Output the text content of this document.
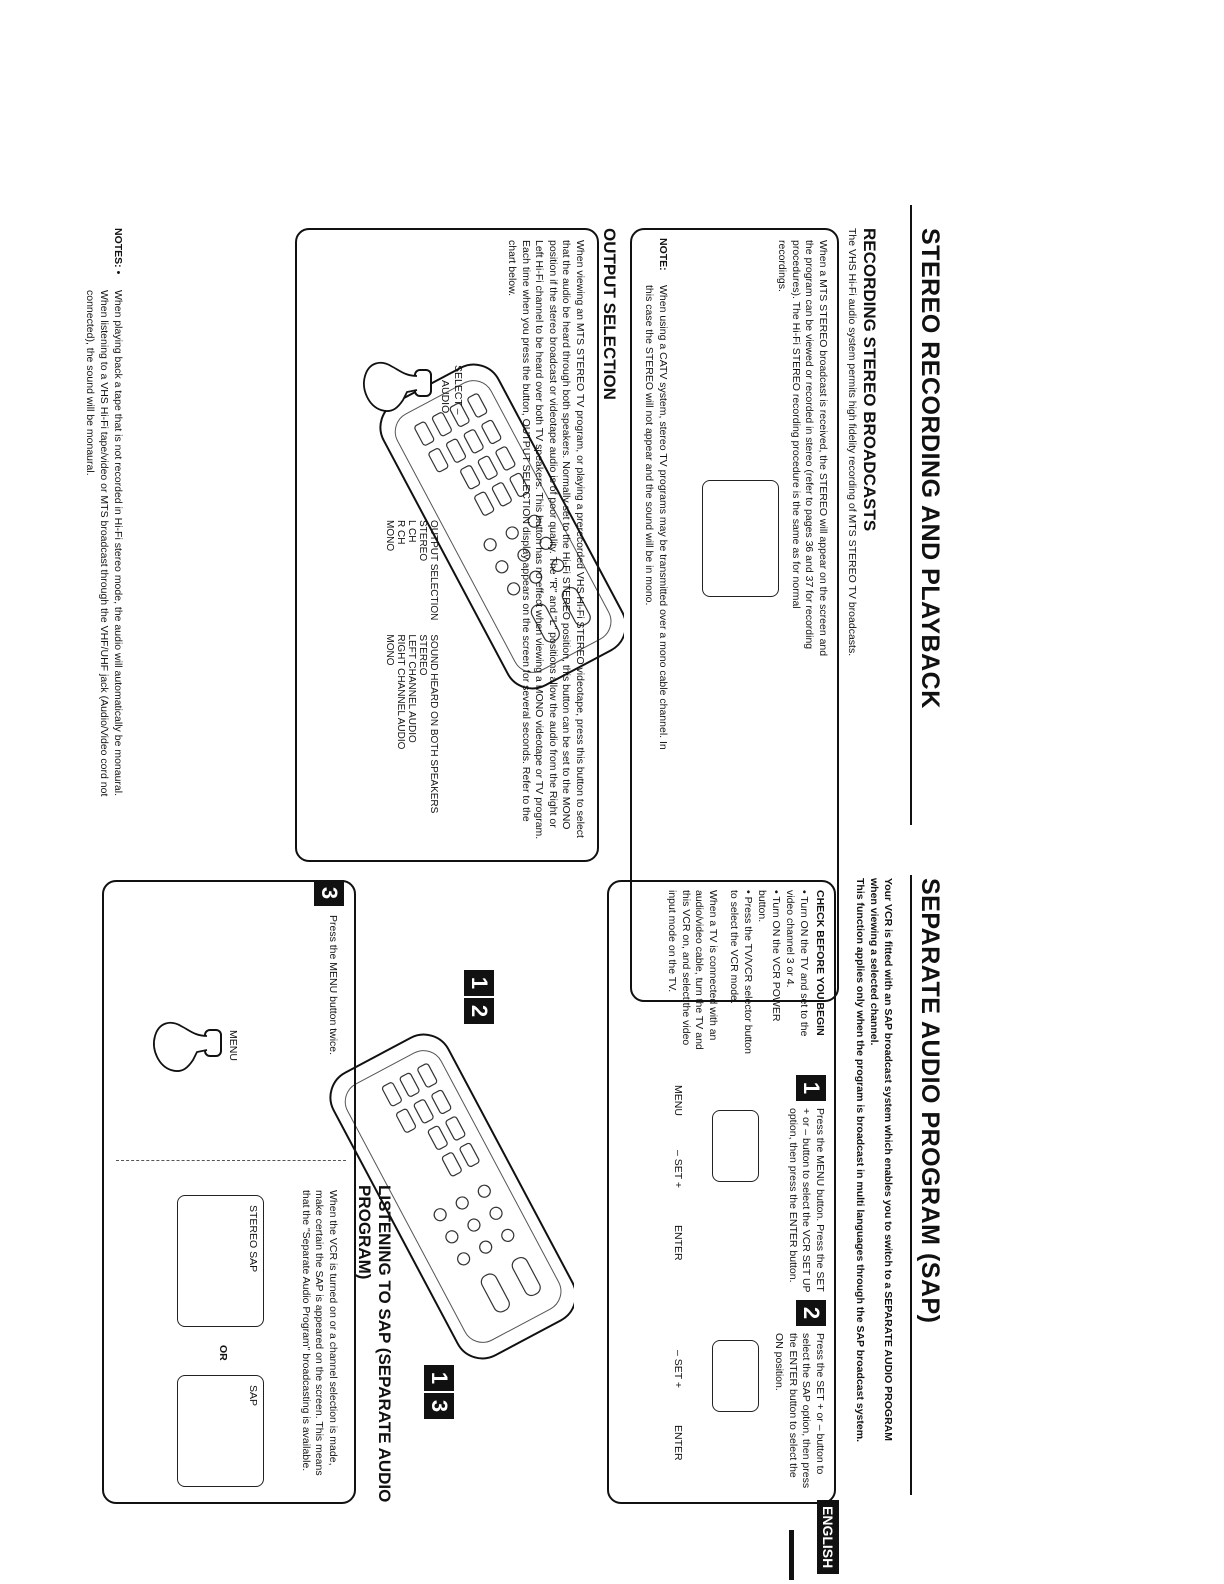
STEREO RECORDING AND PLAYBACK
RECORDING STEREO BROADCASTS
The VHS Hi-Fi audio system permits high fidelity recording of MTS STEREO TV broadcasts.
When a MTS STEREO broadcast is received, the STEREO will appear on the screen and the program can be viewed or recorded in stereo (refer to pages 36 and 37 for recording procedures). The Hi-Fi STEREO recording procedure is the same as for normal recordings.
NOTE:
When using a CATV system, stereo TV programs may be transmitted over a mono cable channel. In this case the STEREO will not appear and the sound will be in mono.
OUTPUT SELECTION
When viewing an MTS STEREO TV program, or playing a prerecorded VHS Hi-Fi STEREO videotape, press this button to select that the audio be heard through both speakers. Normally set to the Hi-Fi STEREO position, this button can be set to the MONO position if the stereo broadcast or videotape audio is of poor quality. The "R" and "L" positions allow the audio from the Right or Left Hi-Fi channel to be heard over both TV speakers. This button has no effect when viewing a MONO videotape or TV program. Each time when you press the button, OUTPUT SELECTION display appears on the screen for several seconds. Refer to the chart below.
SELECT –
AUDIO
OUTPUT SELECTION	SOUND HEARD ON BOTH SPEAKERS
STEREO	STEREO
L CH	LEFT CHANNEL AUDIO
R CH	RIGHT CHANNEL AUDIO
MONO	MONO
NOTES: •
When playing back a tape that is not recorded in Hi-Fi stereo mode, the audio will automatically be monaural.
When listening to a VHS Hi-Fi tape/video or MTS broadcast through the VHF/UHF jack (Audio/Video cord not connected), the sound will be monaural.
SEPARATE AUDIO PROGRAM (SAP)
Your VCR is fitted with an SAP broadcast system which enables you to switch to a SEPARATE AUDIO PROGRAM when viewing a selected channel.
This function applies only when the program is broadcast in multi languages through the SAP broadcast system.
CHECK BEFORE YOU BEGIN
• Turn ON the TV and set to the video channel 3 or 4.
• Turn ON the VCR POWER button.
• Press the TV/VCR selector button to select the VCR mode.
When a TV is connected with an audio/video cable, turn the TV and this VCR on, and select the video input mode on the TV.
1
Press the MENU button. Press the SET + or – button to select the VCR SET UP option, then press the ENTER button.
MENU
– SET +
ENTER
2
Press the SET + or – button to select the SAP option, then press the ENTER button to select the ON position.
– SET +
ENTER
1
2
1
3
LISTENING TO SAP (SEPARATE AUDIO PROGRAM)
3
Press the MENU button twice.
MENU
When the VCR is turned on or a channel selection is made, make certain the SAP is appeared on the screen. This means that the "Separate Audio Program" broadcasting is available.
STEREO SAP
OR
SAP
ENGLISH
